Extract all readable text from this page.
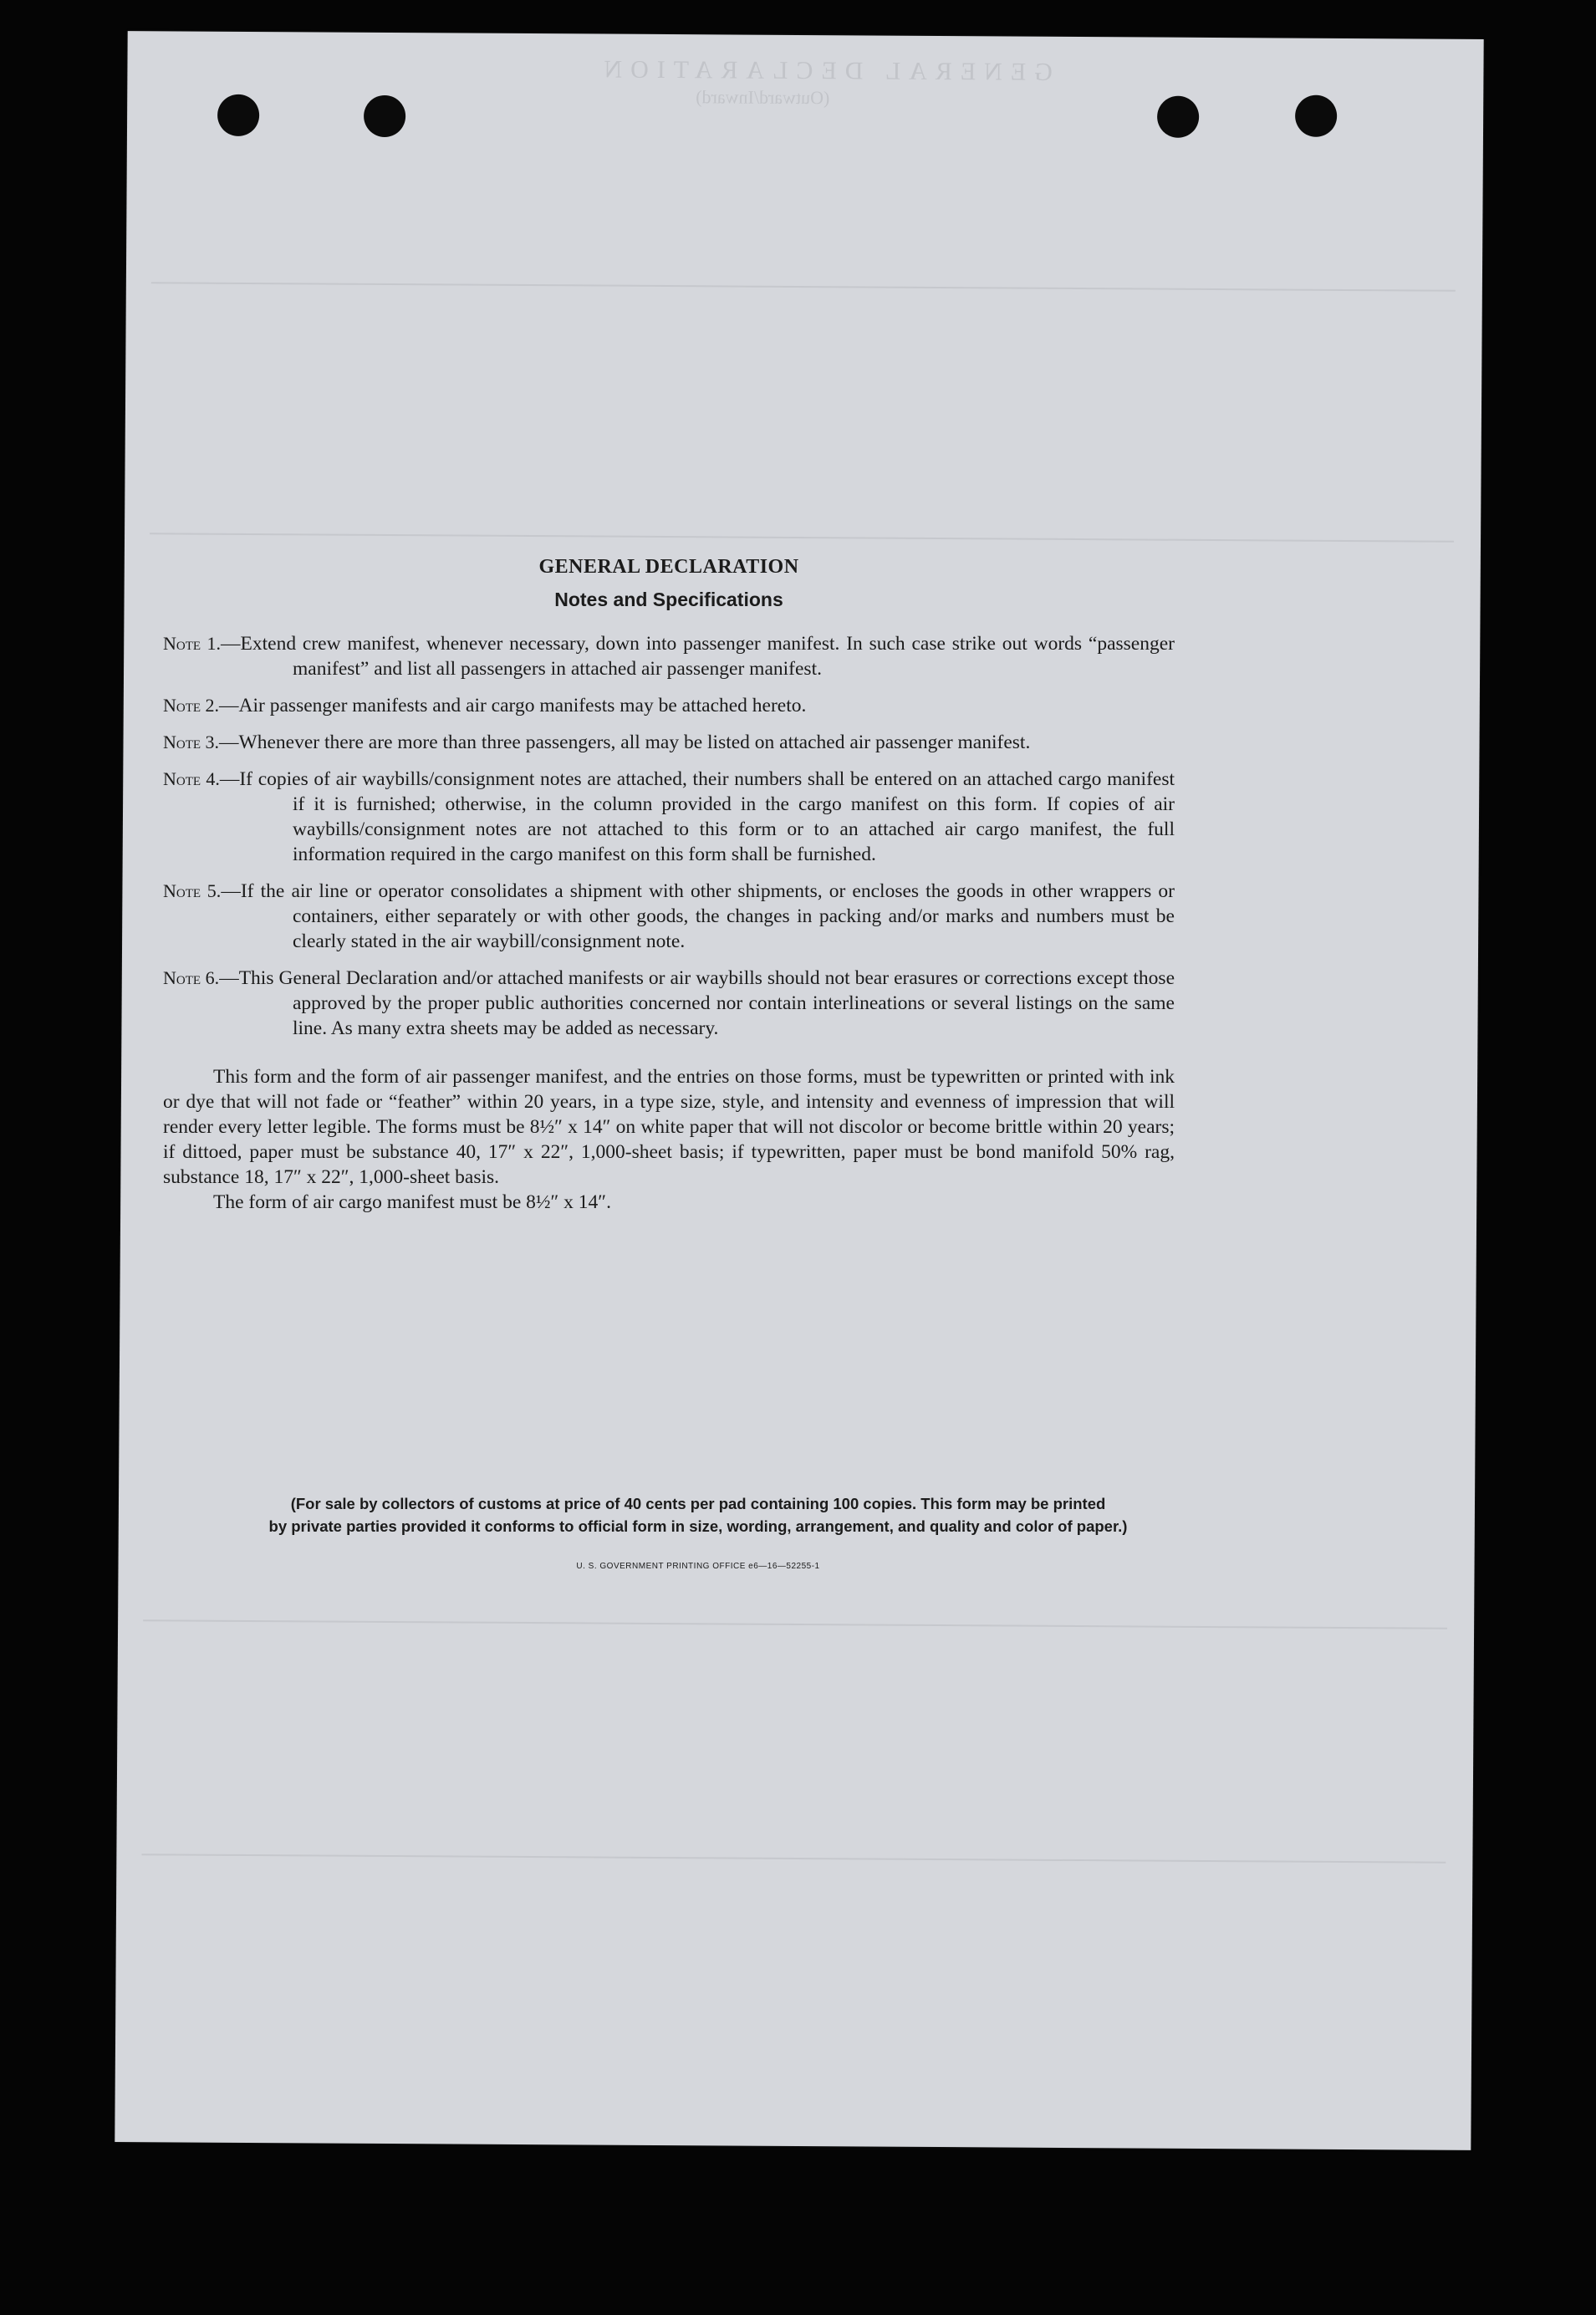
GENERAL DECLARATION
(Outward/Inward)
GENERAL DECLARATION
Notes and Specifications
Note 1.—Extend crew manifest, whenever necessary, down into passenger manifest. In such case strike out words “passenger manifest” and list all passengers in attached air passenger manifest.
Note 2.—Air passenger manifests and air cargo manifests may be attached hereto.
Note 3.—Whenever there are more than three passengers, all may be listed on attached air passenger manifest.
Note 4.—If copies of air waybills/consignment notes are attached, their numbers shall be entered on an attached cargo manifest if it is furnished; otherwise, in the column provided in the cargo manifest on this form. If copies of air waybills/consignment notes are not attached to this form or to an attached air cargo manifest, the full information required in the cargo manifest on this form shall be furnished.
Note 5.—If the air line or operator consolidates a shipment with other shipments, or encloses the goods in other wrappers or containers, either separately or with other goods, the changes in packing and/or marks and numbers must be clearly stated in the air waybill/consignment note.
Note 6.—This General Declaration and/or attached manifests or air waybills should not bear erasures or corrections except those approved by the proper public authorities concerned nor contain interlineations or several listings on the same line. As many extra sheets may be added as necessary.

This form and the form of air passenger manifest, and the entries on those forms, must be typewritten or printed with ink or dye that will not fade or “feather” within 20 years, in a type size, style, and intensity and evenness of impression that will render every letter legible. The forms must be 8½″ x 14″ on white paper that will not discolor or become brittle within 20 years; if dittoed, paper must be substance 40, 17″ x 22″, 1,000-sheet basis; if typewritten, paper must be bond manifold 50% rag, substance 18, 17″ x 22″, 1,000-sheet basis.

The form of air cargo manifest must be 8½″ x 14″.

(For sale by collectors of customs at price of 40 cents per pad containing 100 copies. This form may be printed
by private parties provided it conforms to official form in size, wording, arrangement, and quality and color of paper.)
U. S. GOVERNMENT PRINTING OFFICE e6—16—52255-1
